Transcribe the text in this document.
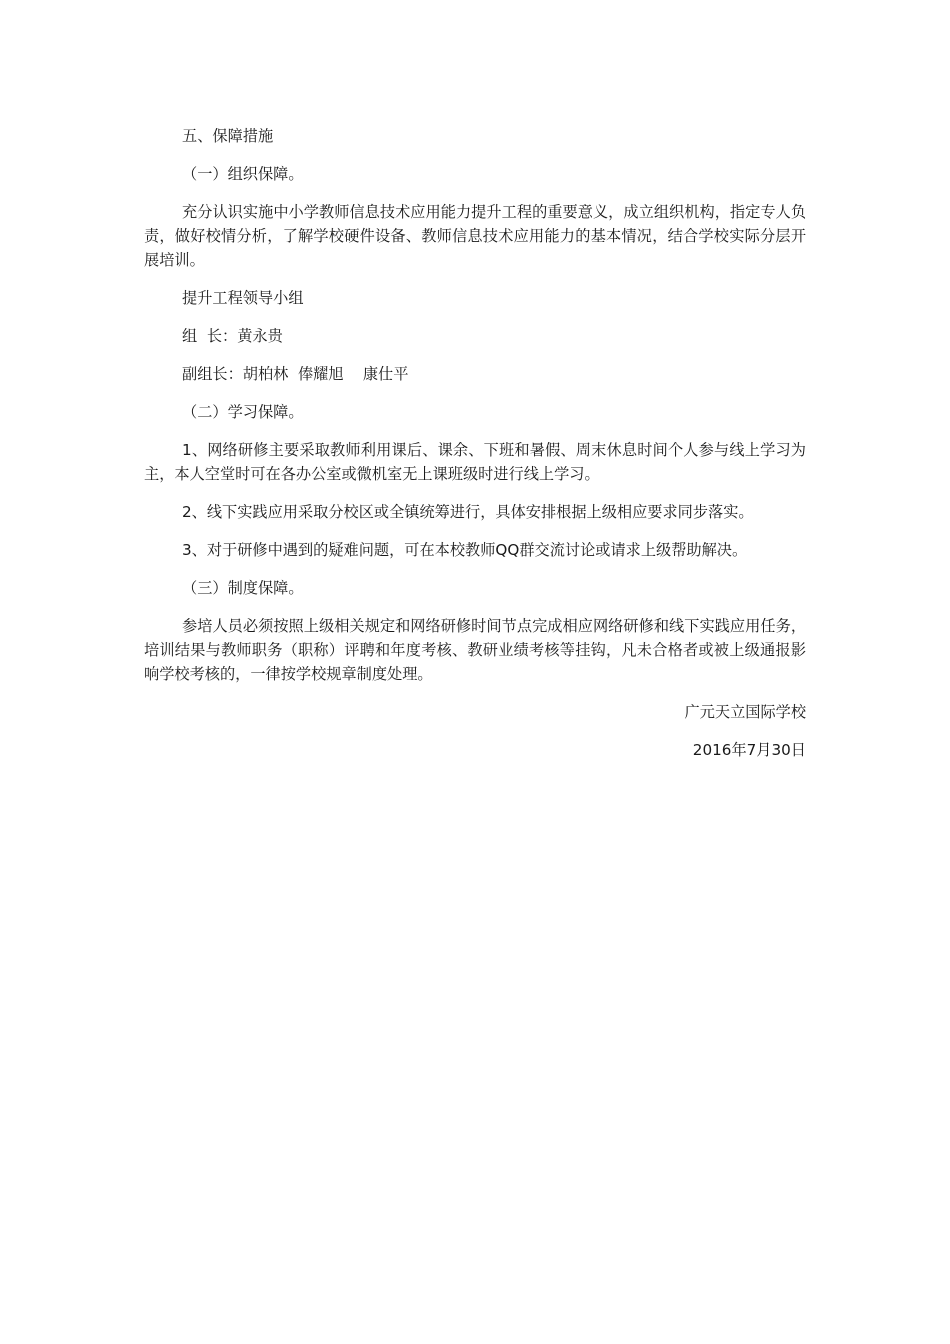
五、保障措施

（一）组织保障。

充分认识实施中小学教师信息技术应用能力提升工程的重要意义，成立组织机构，指定专人负责，做好校情分析，了解学校硬件设备、教师信息技术应用能力的基本情况，结合学校实际分层开展培训。

提升工程领导小组

组  长：黄永贵

副组长：胡柏林  俸耀旭    康仕平

（二）学习保障。

1、网络研修主要采取教师利用课后、课余、下班和暑假、周末休息时间个人参与线上学习为主，本人空堂时可在各办公室或微机室无上课班级时进行线上学习。

2、线下实践应用采取分校区或全镇统筹进行，具体安排根据上级相应要求同步落实。

3、对于研修中遇到的疑难问题，可在本校教师QQ群交流讨论或请求上级帮助解决。

（三）制度保障。

参培人员必须按照上级相关规定和网络研修时间节点完成相应网络研修和线下实践应用任务，培训结果与教师职务（职称）评聘和年度考核、教研业绩考核等挂钩，凡未合格者或被上级通报影响学校考核的，一律按学校规章制度处理。

广元天立国际学校

2016年7月30日
